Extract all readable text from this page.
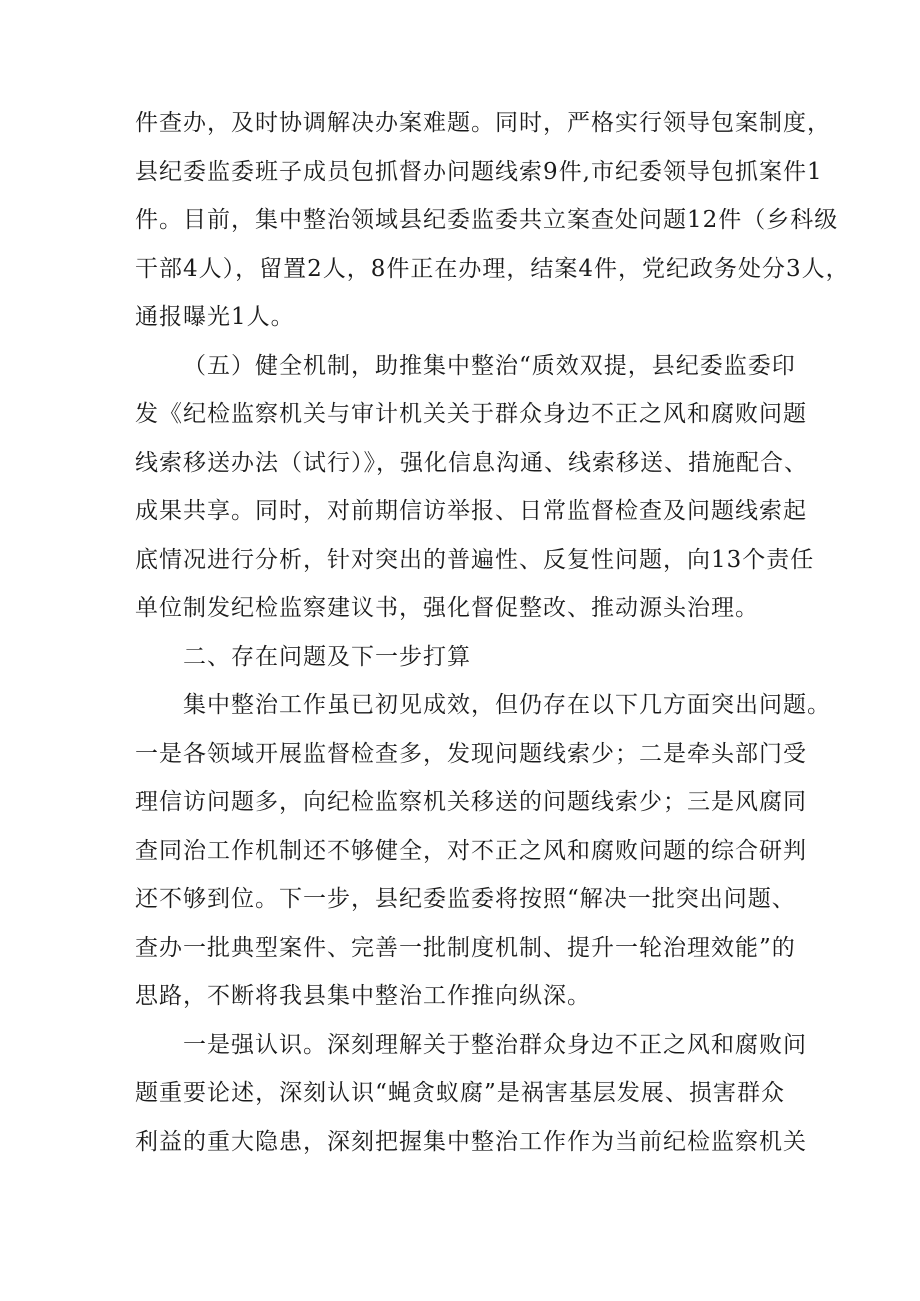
件查办，及时协调解决办案难题。同时，严格实行领导包案制度，
县纪委监委班子成员包抓督办问题线索9件,市纪委领导包抓案件1
件。目前，集中整治领域县纪委监委共立案查处问题12件（乡科级
干部4人），留置2人，8件正在办理，结案4件，党纪政务处分3人，
通报曝光1人。
（五）健全机制，助推集中整治“质效双提，县纪委监委印
发《纪检监察机关与审计机关关于群众身边不正之风和腐败问题
线索移送办法（试行）》，强化信息沟通、线索移送、措施配合、
成果共享。同时，对前期信访举报、日常监督检查及问题线索起
底情况进行分析，针对突出的普遍性、反复性问题，向13个责任
单位制发纪检监察建议书，强化督促整改、推动源头治理。
二、存在问题及下一步打算
集中整治工作虽已初见成效，但仍存在以下几方面突出问题。
一是各领域开展监督检查多，发现问题线索少；二是牵头部门受
理信访问题多，向纪检监察机关移送的问题线索少；三是风腐同
查同治工作机制还不够健全，对不正之风和腐败问题的综合研判
还不够到位。下一步，县纪委监委将按照“解决一批突出问题、
查办一批典型案件、完善一批制度机制、提升一轮治理效能”的
思路，不断将我县集中整治工作推向纵深。
一是强认识。深刻理解关于整治群众身边不正之风和腐败问
题重要论述，深刻认识“蝇贪蚁腐”是祸害基层发展、损害群众
利益的重大隐患，深刻把握集中整治工作作为当前纪检监察机关
